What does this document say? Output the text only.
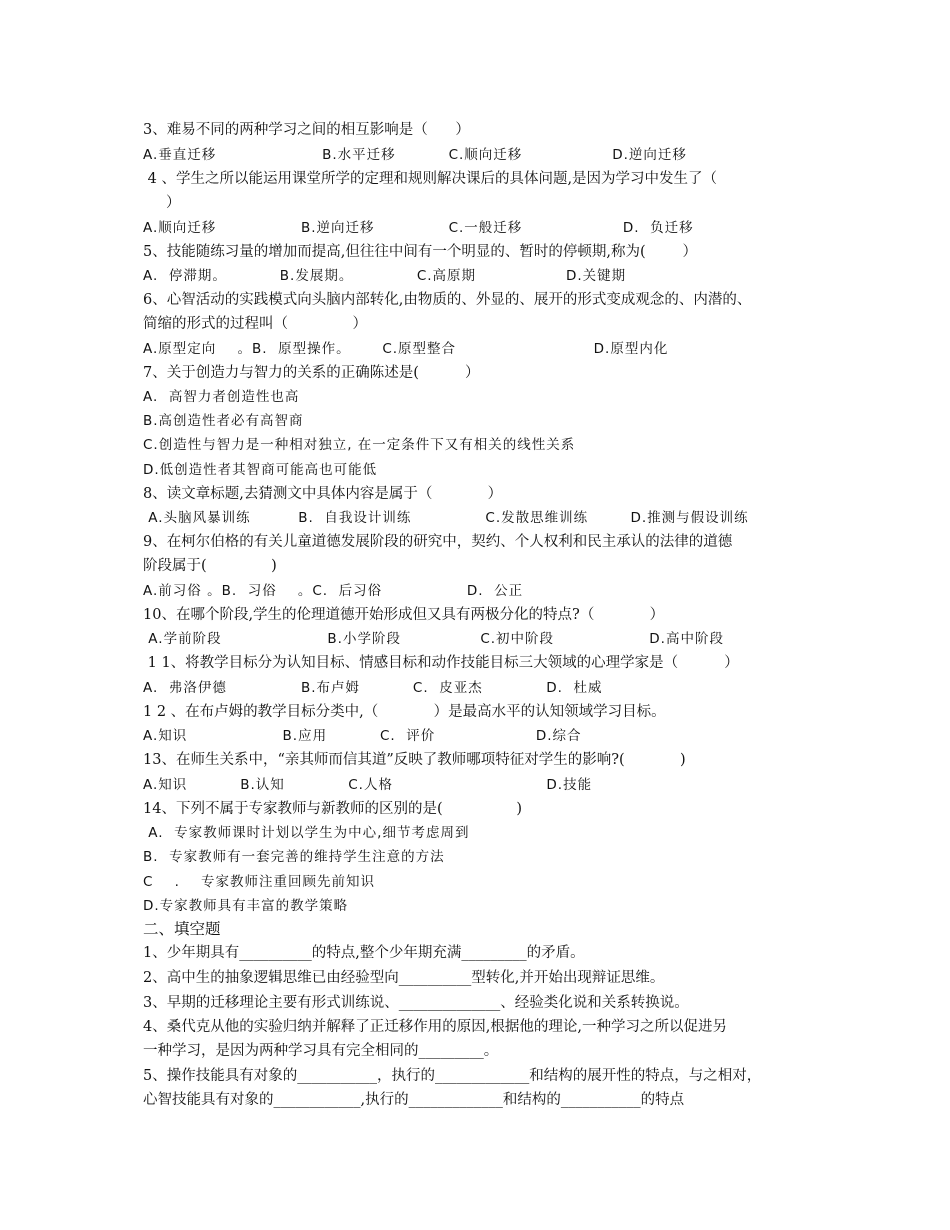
3、难易不同的两种学习之间的相互影响是（      ）
A.垂直迁移                    B.水平迁移          C.顺向迁移                 D.逆向迁移
4 、学生之所以能运用课堂所学的定理和规则解决课后的具体问题,是因为学习中发生了（
）
A.顺向迁移                B.逆向迁移              C.一般迁移                   D.  负迁移
5、技能随练习量的增加而提高,但往往中间有一个明显的、暂时的停顿期,称为(        ）
A.  停滞期。          B.发展期。            C.高原期                 D.关键期
6、心智活动的实践模式向头脑内部转化,由物质的、外显的、展开的形式变成观念的、内潜的、
简缩的形式的过程叫（              ）
A.原型定向    。B.  原型操作。      C.原型整合                          D.原型内化
7、关于创造力与智力的关系的正确陈述是(          ）
A.  高智力者创造性也高
B.高创造性者必有高智商
C.创造性与智力是一种相对独立, 在一定条件下又有相关的线性关系
D.低创造性者其智商可能高也可能低
8、读文章标题,去猜测文中具体内容是属于（            ）
A.头脑风暴训练         B.  自我设计训练              C.发散思维训练        D.推测与假设训练
9、在柯尔伯格的有关儿童道德发展阶段的研究中，契约、个人权利和民主承认的法律的道德
阶段属于(              )
A.前习俗 。B.  习俗    。C.  后习俗                D.  公正
10、在哪个阶段,学生的伦理道德开始形成但又具有两极分化的特点?（            ）
A.学前阶段                    B.小学阶段               C.初中阶段                  D.高中阶段
1 1、将教学目标分为认知目标、情感目标和动作技能目标三大领域的心理学家是（          ）
A.  弗洛伊德              B.布卢姆          C.  皮亚杰            D.  杜威
1 2 、在布卢姆的教学目标分类中,（            ）是最高水平的认知领域学习目标。
A.知识                  B.应用          C.  评价                   D.综合
13、在师生关系中，“亲其师而信其道”反映了教师哪项特征对学生的影响?(            )
A.知识          B.认知            C.人格                             D.技能
14、下列不属于专家教师与新教师的区别的是(                )
A.  专家教师课时计划以学生为中心,细节考虑周到
B.  专家教师有一套完善的维持学生注意的方法
C    .    专家教师注重回顾先前知识
D.专家教师具有丰富的教学策略
二、填空题
1、少年期具有__________的特点,整个少年期充满_________的矛盾。
2、高中生的抽象逻辑思维已由经验型向__________型转化,并开始出现辩证思维。
3、早期的迁移理论主要有形式训练说、______________、经验类化说和关系转换说。
4、桑代克从他的实验归纳并解释了正迁移作用的原因,根据他的理论,一种学习之所以促进另
一种学习，是因为两种学习具有完全相同的_________。
5、操作技能具有对象的___________，执行的_____________和结构的展开性的特点，与之相对，
心智技能具有对象的____________,执行的_____________和结构的___________的特点
